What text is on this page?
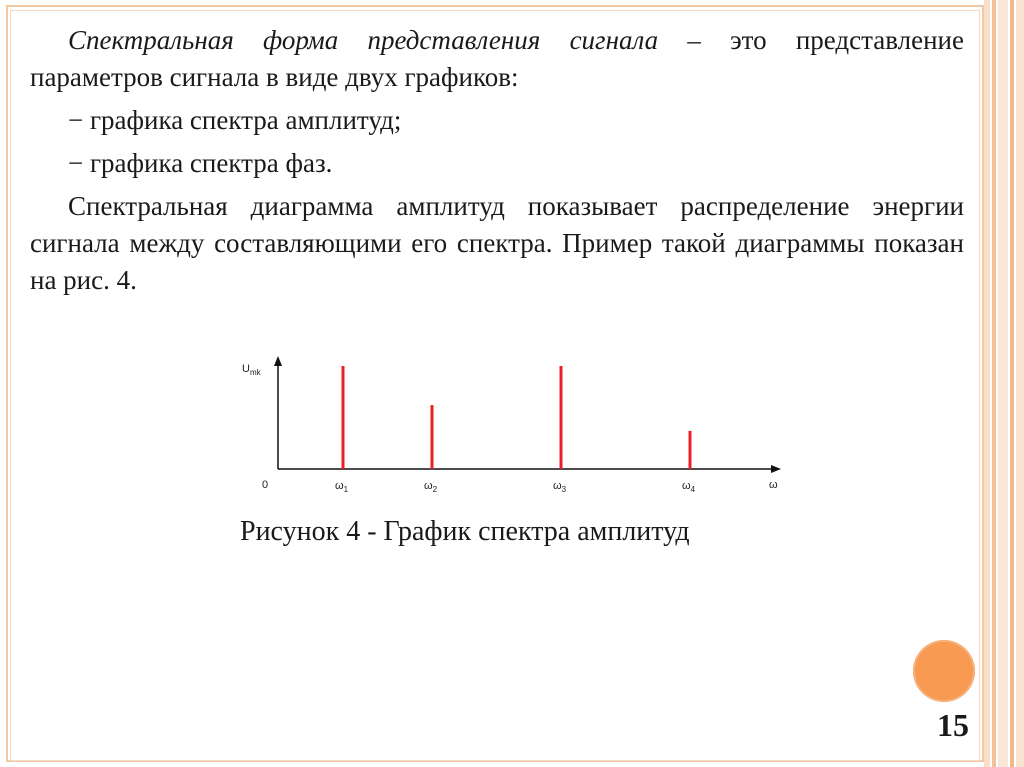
Спектральная форма представления сигнала – это представление параметров сигнала в виде двух графиков:

− графика спектра амплитуд;

− графика спектра фаз.

Спектральная диаграмма амплитуд показывает распределение энергии сигнала между составляющими его спектра. Пример такой диаграммы показан на рис. 4.

$U_{mk}$
0	ω
$\omega_1$	$\omega_2$	$\omega_3$	$\omega_4$
Рисунок 4 - График спектра амплитуд
15
